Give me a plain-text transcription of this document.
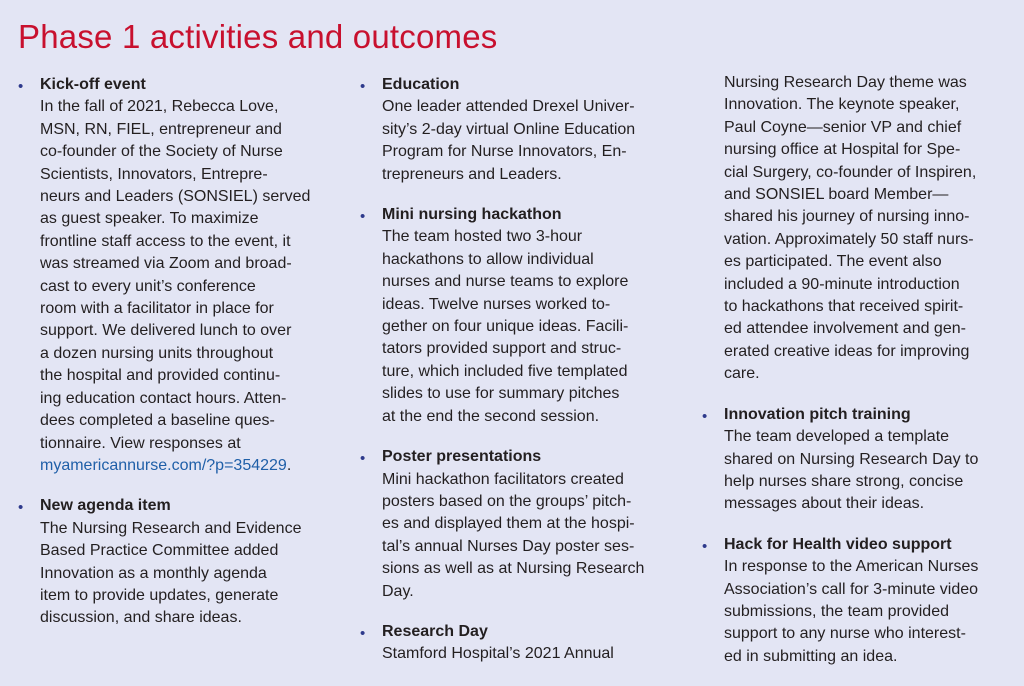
Phase 1 activities and outcomes
• Kick-off event
In the fall of 2021, Rebecca Love,
MSN, RN, FIEL, entrepreneur and
co-founder of the Society of Nurse
Scientists, Innovators, Entrepre-
neurs and Leaders (SONSIEL) served
as guest speaker. To maximize
frontline staff access to the event, it
was streamed via Zoom and broad-
cast to every unit’s conference
room with a facilitator in place for
support. We delivered lunch to over
a dozen nursing units throughout
the hospital and provided continu-
ing education contact hours. Atten-
dees completed a baseline ques-
tionnaire. View responses at
myamericannurse.com/?p=354229.
• New agenda item
The Nursing Research and Evidence
Based Practice Committee added
Innovation as a monthly agenda
item to provide updates, generate
discussion, and share ideas.
• Education
One leader attended Drexel Univer-
sity’s 2-day virtual Online Education
Program for Nurse Innovators, En-
trepreneurs and Leaders.
• Mini nursing hackathon
The team hosted two 3-hour
hackathons to allow individual
nurses and nurse teams to explore
ideas. Twelve nurses worked to-
gether on four unique ideas. Facili-
tators provided support and struc-
ture, which included five templated
slides to use for summary pitches
at the end the second session.
• Poster presentations
Mini hackathon facilitators created
posters based on the groups’ pitch-
es and displayed them at the hospi-
tal’s annual Nurses Day poster ses-
sions as well as at Nursing Research
Day.
• Research Day
Stamford Hospital’s 2021 Annual
Nursing Research Day theme was
Innovation. The keynote speaker,
Paul Coyne—senior VP and chief
nursing office at Hospital for Spe-
cial Surgery, co-founder of Inspiren,
and SONSIEL board Member—
shared his journey of nursing inno-
vation. Approximately 50 staff nurs-
es participated. The event also
included a 90-minute introduction
to hackathons that received spirit-
ed attendee involvement and gen-
erated creative ideas for improving
care.
• Innovation pitch training
The team developed a template
shared on Nursing Research Day to
help nurses share strong, concise
messages about their ideas.
• Hack for Health video support
In response to the American Nurses
Association’s call for 3-minute video
submissions, the team provided
support to any nurse who interest-
ed in submitting an idea.
